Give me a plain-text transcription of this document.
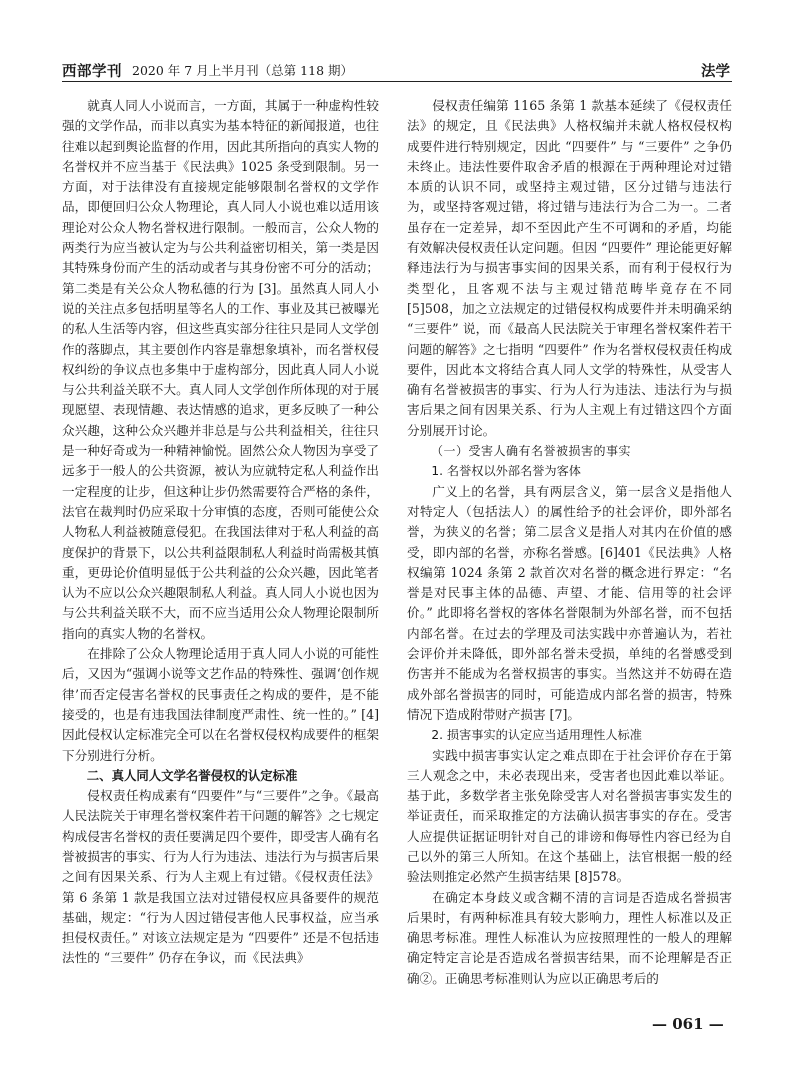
西部学刊 2020 年 7 月上半月刊（总第 118 期）	法学

就真人同人小说而言，一方面，其属于一种虚构性较强的文学作品，而非以真实为基本特征的新闻报道，也往往难以起到舆论监督的作用，因此其所指向的真实人物的名誉权并不应当基于《民法典》1025 条受到限制。另一方面，对于法律没有直接规定能够限制名誉权的文学作品，即便回归公众人物理论，真人同人小说也难以适用该理论对公众人物名誉权进行限制。一般而言，公众人物的两类行为应当被认定为与公共利益密切相关，第一类是因其特殊身份而产生的活动或者与其身份密不可分的活动；第二类是有关公众人物私德的行为 [3]。虽然真人同人小说的关注点多包括明星等名人的工作、事业及其已被曝光的私人生活等内容，但这些真实部分往往只是同人文学创作的落脚点，其主要创作内容是靠想象填补，而名誉权侵权纠纷的争议点也多集中于虚构部分，因此真人同人小说与公共利益关联不大。真人同人文学创作所体现的对于展现愿望、表现情趣、表达情感的追求，更多反映了一种公众兴趣，这种公众兴趣并非总是与公共利益相关，往往只是一种好奇或为一种精神愉悦。固然公众人物因为享受了远多于一般人的公共资源，被认为应就特定私人利益作出一定程度的让步，但这种让步仍然需要符合严格的条件，法官在裁判时仍应采取十分审慎的态度，否则可能使公众人物私人利益被随意侵犯。在我国法律对于私人利益的高度保护的背景下，以公共利益限制私人利益时尚需极其慎重，更毋论价值明显低于公共利益的公众兴趣，因此笔者认为不应以公众兴趣限制私人利益。真人同人小说也因为与公共利益关联不大，而不应当适用公众人物理论限制所指向的真实人物的名誉权。

在排除了公众人物理论适用于真人同人小说的可能性后，又因为“强调小说等文艺作品的特殊性、强调‘创作规律’而否定侵害名誉权的民事责任之构成的要件，是不能接受的，也是有违我国法律制度严肃性、统一性的。” [4] 因此侵权认定标准完全可以在名誉权侵权构成要件的框架下分别进行分析。

二、真人同人文学名誉侵权的认定标准

侵权责任构成素有“四要件”与“三要件”之争。《最高人民法院关于审理名誉权案件若干问题的解答》之七规定构成侵害名誉权的责任要满足四个要件，即受害人确有名誉被损害的事实、行为人行为违法、违法行为与损害后果之间有因果关系、行为人主观上有过错。《侵权责任法》第 6 条第 1 款是我国立法对过错侵权应具备要件的规范基础，规定：“行为人因过错侵害他人民事权益，应当承担侵权责任。” 对该立法规定是为 “四要件” 还是不包括违法性的 “三要件” 仍存在争议，而《民法典》

侵权责任编第 1165 条第 1 款基本延续了《侵权责任法》的规定，且《民法典》人格权编并未就人格权侵权构成要件进行特别规定，因此 “四要件” 与 “三要件” 之争仍未终止。违法性要件取舍矛盾的根源在于两种理论对过错本质的认识不同，或坚持主观过错，区分过错与违法行为，或坚持客观过错，将过错与违法行为合二为一。二者虽存在一定差异，却不至因此产生不可调和的矛盾，均能有效解决侵权责任认定问题。但因 “四要件” 理论能更好解释违法行为与损害事实间的因果关系，而有利于侵权行为类型化，且客观不法与主观过错范畴毕竟存在不同 [5]508，加之立法规定的过错侵权构成要件并未明确采纳 “三要件” 说，而《最高人民法院关于审理名誉权案件若干问题的解答》之七指明 “四要件” 作为名誉权侵权责任构成要件，因此本文将结合真人同人文学的特殊性，从受害人确有名誉被损害的事实、行为人行为违法、违法行为与损害后果之间有因果关系、行为人主观上有过错这四个方面分别展开讨论。

（一）受害人确有名誉被损害的事实

1. 名誉权以外部名誉为客体

广义上的名誉，具有两层含义，第一层含义是指他人对特定人（包括法人）的属性给予的社会评价，即外部名誉，为狭义的名誉；第二层含义是指人对其内在价值的感受，即内部的名誉，亦称名誉感。[6]401《民法典》人格权编第 1024 条第 2 款首次对名誉的概念进行界定：“名誉是对民事主体的品德、声望、才能、信用等的社会评价。” 此即将名誉权的客体名誉限制为外部名誉，而不包括内部名誉。在过去的学理及司法实践中亦普遍认为，若社会评价并未降低，即外部名誉未受损，单纯的名誉感受到伤害并不能成为名誉权损害的事实。当然这并不妨碍在造成外部名誉损害的同时，可能造成内部名誉的损害，特殊情况下造成附带财产损害 [7]。

2. 损害事实的认定应当适用理性人标准

实践中损害事实认定之难点即在于社会评价存在于第三人观念之中，未必表现出来，受害者也因此难以举证。基于此，多数学者主张免除受害人对名誉损害事实发生的举证责任，而采取推定的方法确认损害事实的存在。受害人应提供证据证明针对自己的诽谤和侮辱性内容已经为自己以外的第三人所知。在这个基础上，法官根据一般的经验法则推定必然产生损害结果 [8]578。

在确定本身歧义或含糊不清的言词是否造成名誉损害后果时，有两种标准具有较大影响力，理性人标准以及正确思考标准。理性人标准认为应按照理性的一般人的理解确定特定言论是否造成名誉损害结果，而不论理解是否正确②。正确思考标准则认为应以正确思考后的

— 061 —
